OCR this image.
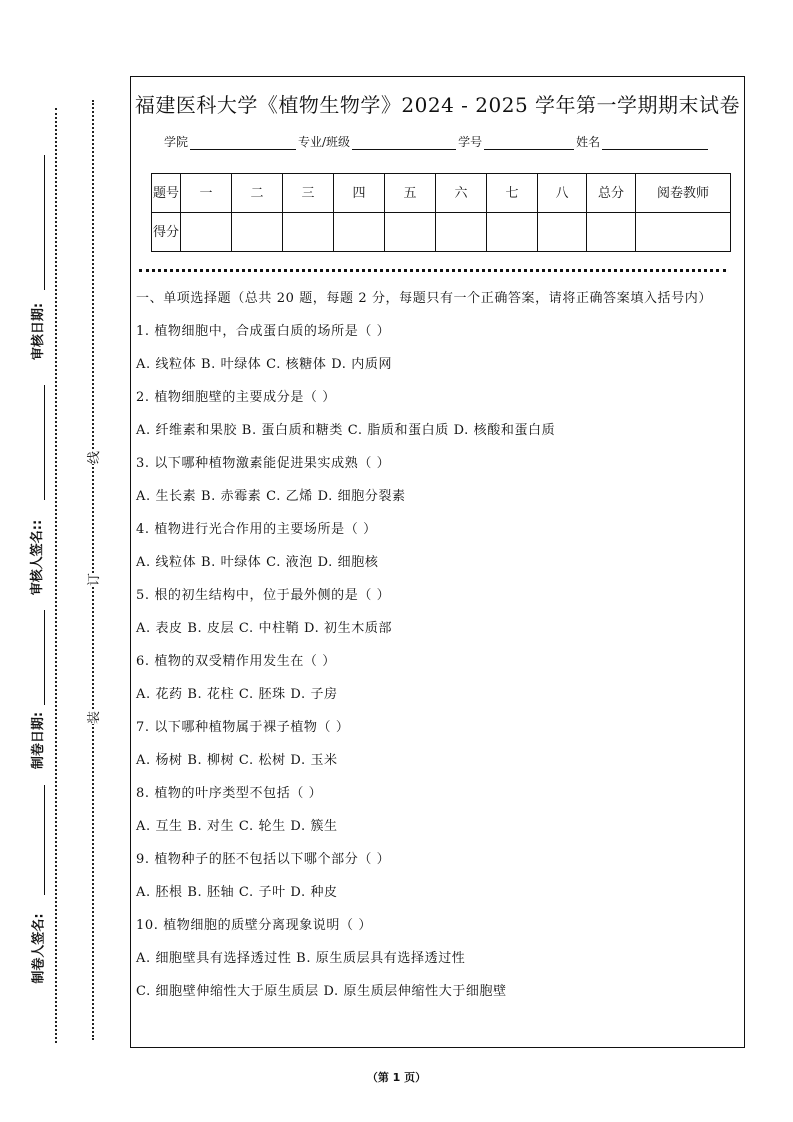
审核日期:
审核人签名::
制卷日期:
制卷人签名:
线
订
装
福建医科大学《植物生物学》2024 - 2025 学年第一学期期末试卷
学院	专业/班级	学号	姓名
题号	一	二	三	四	五	六	七	八	总分	阅卷教师
得分										

一、单项选择题（总共 20 题，每题 2 分，每题只有一个正确答案，请将正确答案填入括号内）

1. 植物细胞中，合成蛋白质的场所是（ ）

A. 线粒体 B. 叶绿体 C. 核糖体 D. 内质网

2. 植物细胞壁的主要成分是（ ）

A. 纤维素和果胶 B. 蛋白质和糖类 C. 脂质和蛋白质 D. 核酸和蛋白质

3. 以下哪种植物激素能促进果实成熟（ ）

A. 生长素 B. 赤霉素 C. 乙烯 D. 细胞分裂素

4. 植物进行光合作用的主要场所是（ ）

A. 线粒体 B. 叶绿体 C. 液泡 D. 细胞核

5. 根的初生结构中，位于最外侧的是（ ）

A. 表皮 B. 皮层 C. 中柱鞘 D. 初生木质部

6. 植物的双受精作用发生在（ ）

A. 花药 B. 花柱 C. 胚珠 D. 子房

7. 以下哪种植物属于裸子植物（ ）

A. 杨树 B. 柳树 C. 松树 D. 玉米

8. 植物的叶序类型不包括（ ）

A. 互生 B. 对生 C. 轮生 D. 簇生

9. 植物种子的胚不包括以下哪个部分（ ）

A. 胚根 B. 胚轴 C. 子叶 D. 种皮

10. 植物细胞的质壁分离现象说明（ ）

A. 细胞壁具有选择透过性 B. 原生质层具有选择透过性

C. 细胞壁伸缩性大于原生质层 D. 原生质层伸缩性大于细胞壁

（第 1 页）
